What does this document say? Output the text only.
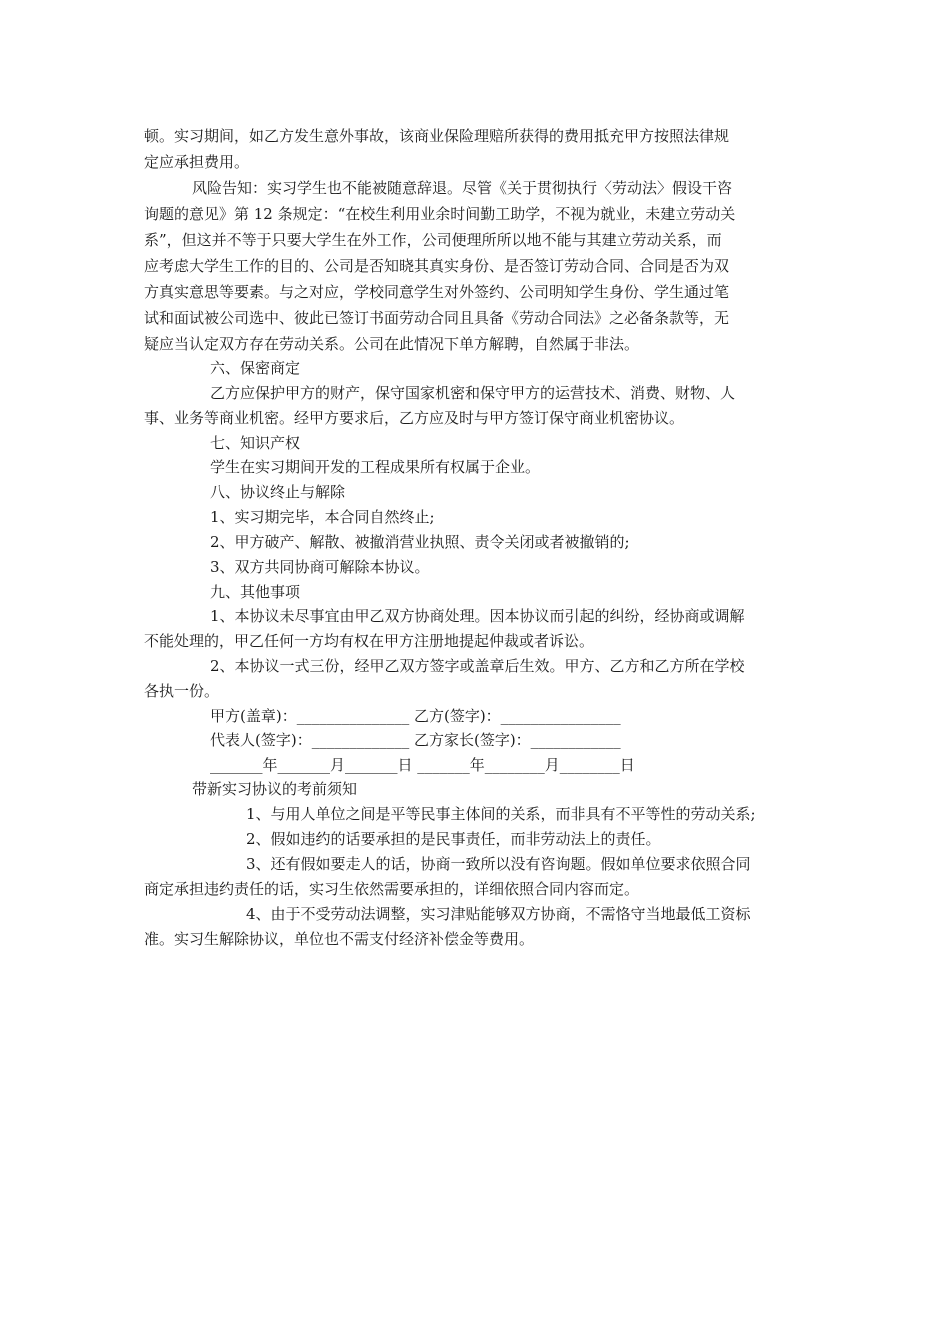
顿。实习期间，如乙方发生意外事故，该商业保险理赔所获得的费用抵充甲方按照法律规
定应承担费用。
风险告知：实习学生也不能被随意辞退。尽管《关于贯彻执行〈劳动法〉假设干咨
询题的意见》第 12 条规定：“在校生利用业余时间勤工助学，不视为就业，未建立劳动关
系”，但这并不等于只要大学生在外工作，公司便理所所以地不能与其建立劳动关系，而
应考虑大学生工作的目的、公司是否知晓其真实身份、是否签订劳动合同、合同是否为双
方真实意思等要素。与之对应，学校同意学生对外签约、公司明知学生身份、学生通过笔
试和面试被公司选中、彼此已签订书面劳动合同且具备《劳动合同法》之必备条款等，无
疑应当认定双方存在劳动关系。公司在此情况下单方解聘，自然属于非法。
六、保密商定
乙方应保护甲方的财产，保守国家机密和保守甲方的运营技术、消费、财物、人
事、业务等商业机密。经甲方要求后，乙方应及时与甲方签订保守商业机密协议。
七、知识产权
学生在实习期间开发的工程成果所有权属于企业。
八、协议终止与解除
1、实习期完毕，本合同自然终止;
2、甲方破产、解散、被撤消营业执照、责令关闭或者被撤销的;
3、双方共同协商可解除本协议。
九、其他事项
1、本协议未尽事宜由甲乙双方协商处理。因本协议而引起的纠纷，经协商或调解
不能处理的，甲乙任何一方均有权在甲方注册地提起仲裁或者诉讼。
2、本协议一式三份，经甲乙双方签字或盖章后生效。甲方、乙方和乙方所在学校
各执一份。
甲方(盖章)：_______________ 乙方(签字)：________________
代表人(签字)：_____________ 乙方家长(签字)：____________
_______年_______月_______日 _______年________月________日
带新实习协议的考前须知
1、与用人单位之间是平等民事主体间的关系，而非具有不平等性的劳动关系;
2、假如违约的话要承担的是民事责任，而非劳动法上的责任。
3、还有假如要走人的话，协商一致所以没有咨询题。假如单位要求依照合同
商定承担违约责任的话，实习生依然需要承担的，详细依照合同内容而定。
4、由于不受劳动法调整，实习津贴能够双方协商，不需恪守当地最低工资标
准。实习生解除协议，单位也不需支付经济补偿金等费用。
